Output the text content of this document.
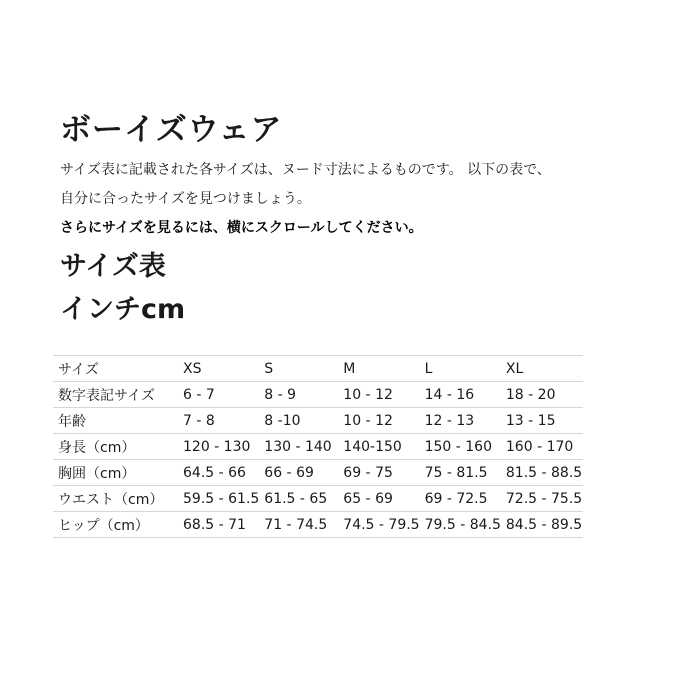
ボーイズウェア

サイズ表に記載された各サイズは、ヌード寸法によるものです。 以下の表で、

自分に合ったサイズを見つけましょう。

さらにサイズを見るには、横にスクロールしてください。

サイズ表
インチcm
サイズ	XS	S	M	L	XL
数字表記サイズ	6 - 7	8 - 9	10 - 12	14 - 16	18 - 20
年齢	7 - 8	8 -10	10 - 12	12 - 13	13 - 15
身長（cm）	120 - 130	130 - 140	140-150	150 - 160	160 - 170
胸囲（cm）	64.5 - 66	66 - 69	69 - 75	75 - 81.5	81.5 - 88.5
ウエスト（cm）	59.5 - 61.5	61.5 - 65	65 - 69	69 - 72.5	72.5 - 75.5
ヒップ（cm）	68.5 - 71	71 - 74.5	74.5 - 79.5	79.5 - 84.5	84.5 - 89.5
